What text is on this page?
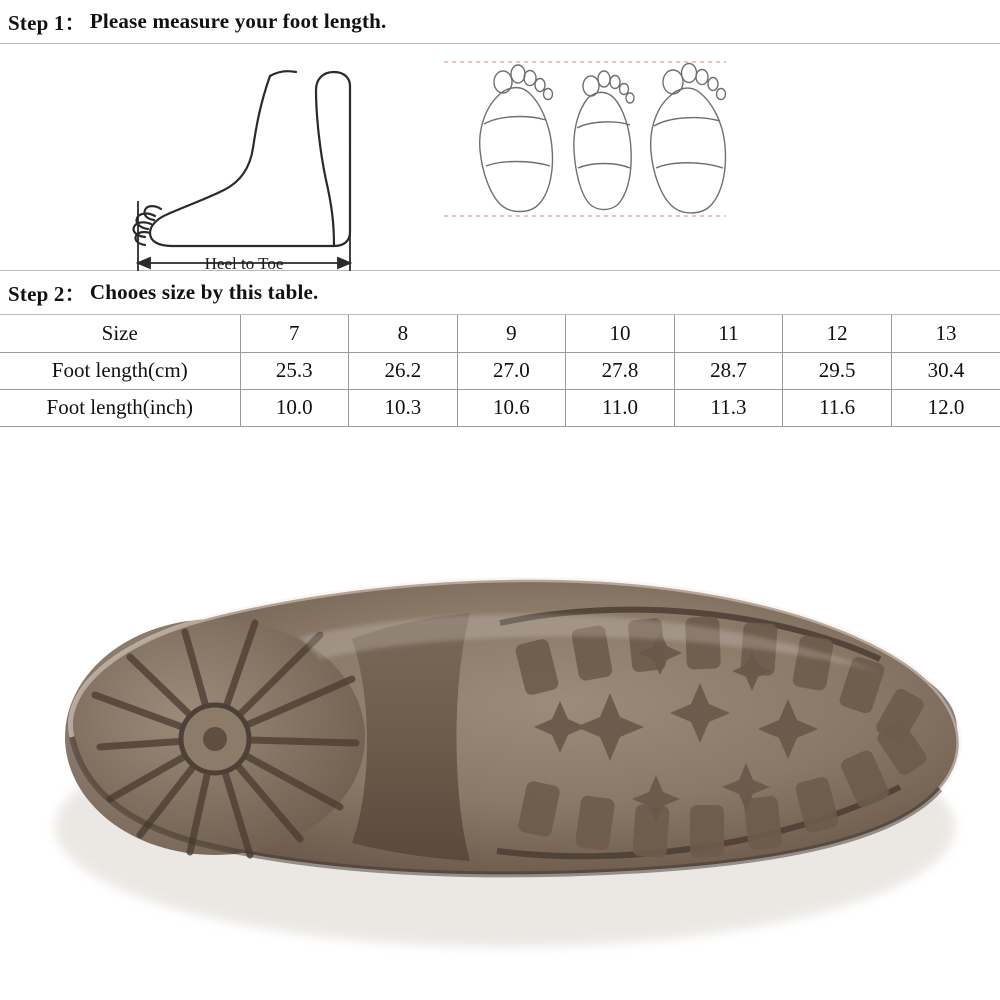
Step 1： Please measure your foot length.
Heel to Toe
Step 2： Chooes size by this table.
Size	7	8	9	10	11	12	13
Foot length(cm)	25.3	26.2	27.0	27.8	28.7	29.5	30.4
Foot length(inch)	10.0	10.3	10.6	11.0	11.3	11.6	12.0
